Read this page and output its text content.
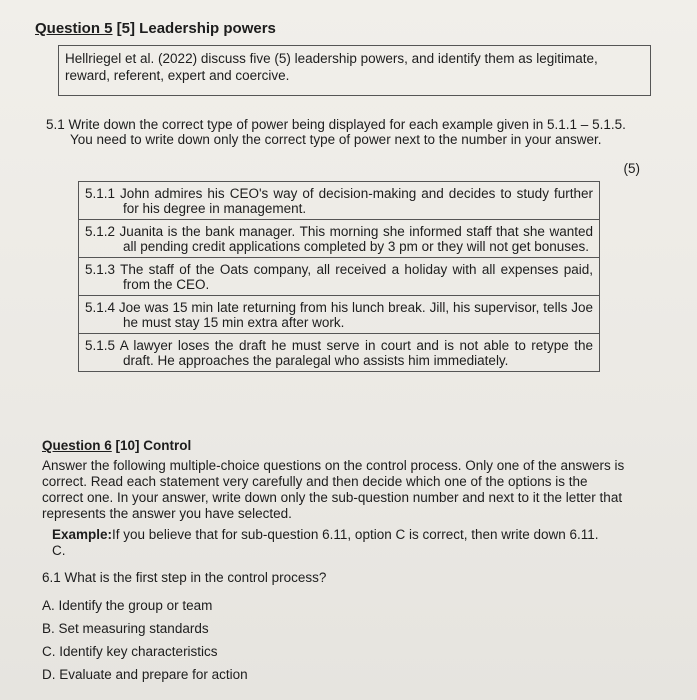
Question 5 [5] Leadership powers
Hellriegel et al. (2022) discuss five (5) leadership powers, and identify them as legitimate, reward, referent, expert and coercive.
5.1 Write down the correct type of power being displayed for each example given in 5.1.1 – 5.1.5. You need to write down only the correct type of power next to the number in your answer.
(5)
5.1.1 John admires his CEO's way of decision-making and decides to study further for his degree in management.

5.1.2 Juanita is the bank manager. This morning she informed staff that she wanted all pending credit applications completed by 3 pm or they will not get bonuses.

5.1.3 The staff of the Oats company, all received a holiday with all expenses paid, from the CEO.

5.1.4 Joe was 15 min late returning from his lunch break. Jill, his supervisor, tells Joe he must stay 15 min extra after work.

5.1.5 A lawyer loses the draft he must serve in court and is not able to retype the draft. He approaches the paralegal who assists him immediately.
Question 6 [10] Control
Answer the following multiple-choice questions on the control process. Only one of the answers is correct. Read each statement very carefully and then decide which one of the options is the correct one. In your answer, write down only the sub-question number and next to it the letter that represents the answer you have selected.
Example:If you believe that for sub-question 6.11, option C is correct, then write down 6.11. C.
6.1 What is the first step in the control process?
A. Identify the group or team
B. Set measuring standards
C. Identify key characteristics
D. Evaluate and prepare for action
